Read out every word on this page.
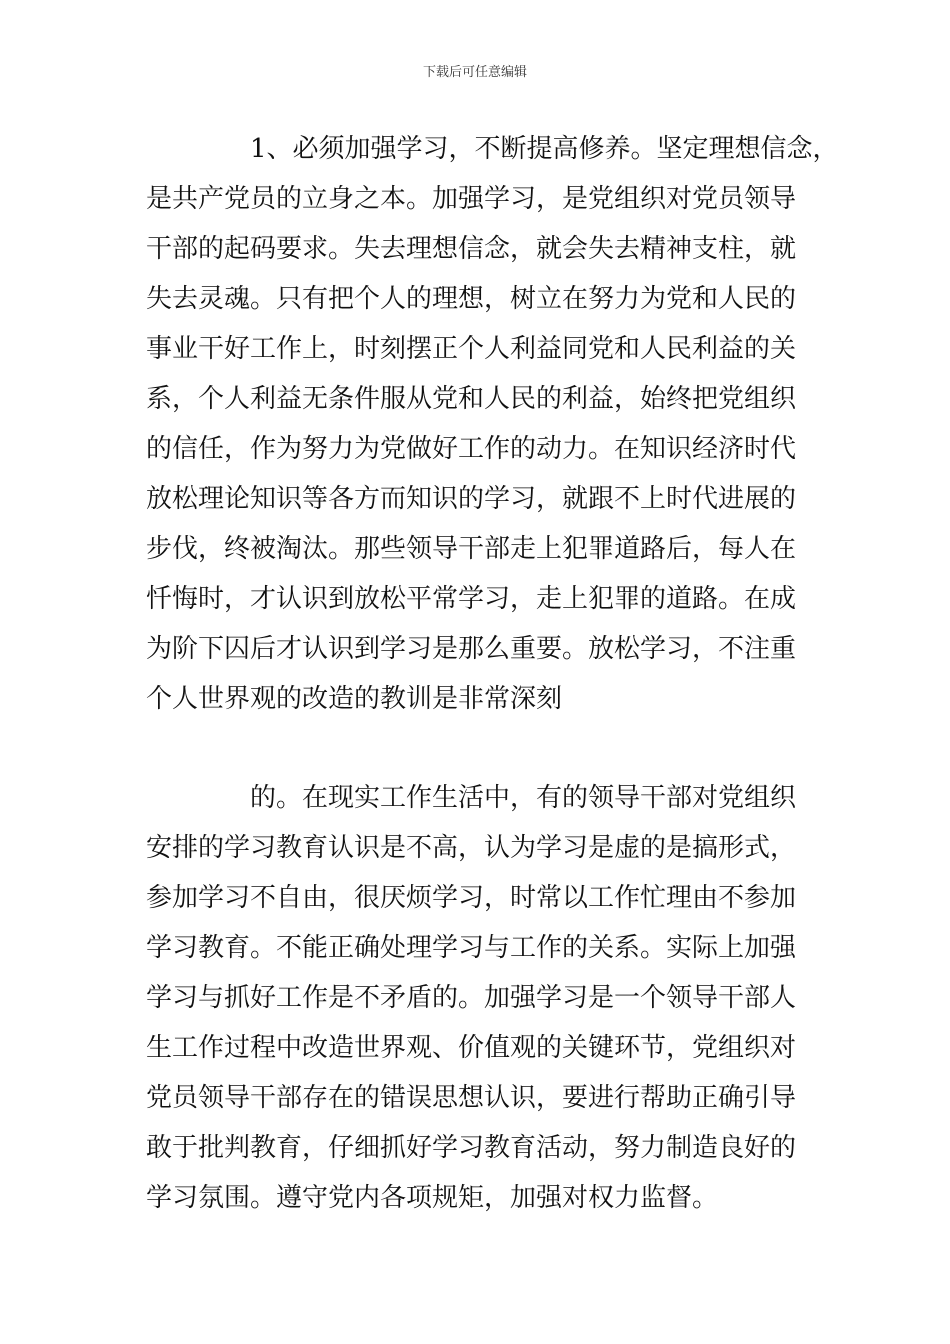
下载后可任意编辑
1、必须加强学习，不断提高修养。坚定理想信念，
是共产党员的立身之本。加强学习，是党组织对党员领导
干部的起码要求。失去理想信念，就会失去精神支柱，就
失去灵魂。只有把个人的理想，树立在努力为党和人民的
事业干好工作上，时刻摆正个人利益同党和人民利益的关
系，个人利益无条件服从党和人民的利益，始终把党组织
的信任，作为努力为党做好工作的动力。在知识经济时代
放松理论知识等各方而知识的学习，就跟不上时代进展的
步伐，终被淘汰。那些领导干部走上犯罪道路后，每人在
忏悔时，才认识到放松平常学习，走上犯罪的道路。在成
为阶下囚后才认识到学习是那么重要。放松学习，不注重
个人世界观的改造的教训是非常深刻
的。在现实工作生活中，有的领导干部对党组织
安排的学习教育认识是不高，认为学习是虚的是搞形式，
参加学习不自由，很厌烦学习，时常以工作忙理由不参加
学习教育。不能正确处理学习与工作的关系。实际上加强
学习与抓好工作是不矛盾的。加强学习是一个领导干部人
生工作过程中改造世界观、价值观的关键环节，党组织对
党员领导干部存在的错误思想认识，要进行帮助正确引导
敢于批判教育，仔细抓好学习教育活动，努力制造良好的
学习氛围。遵守党内各项规矩，加强对权力监督。
